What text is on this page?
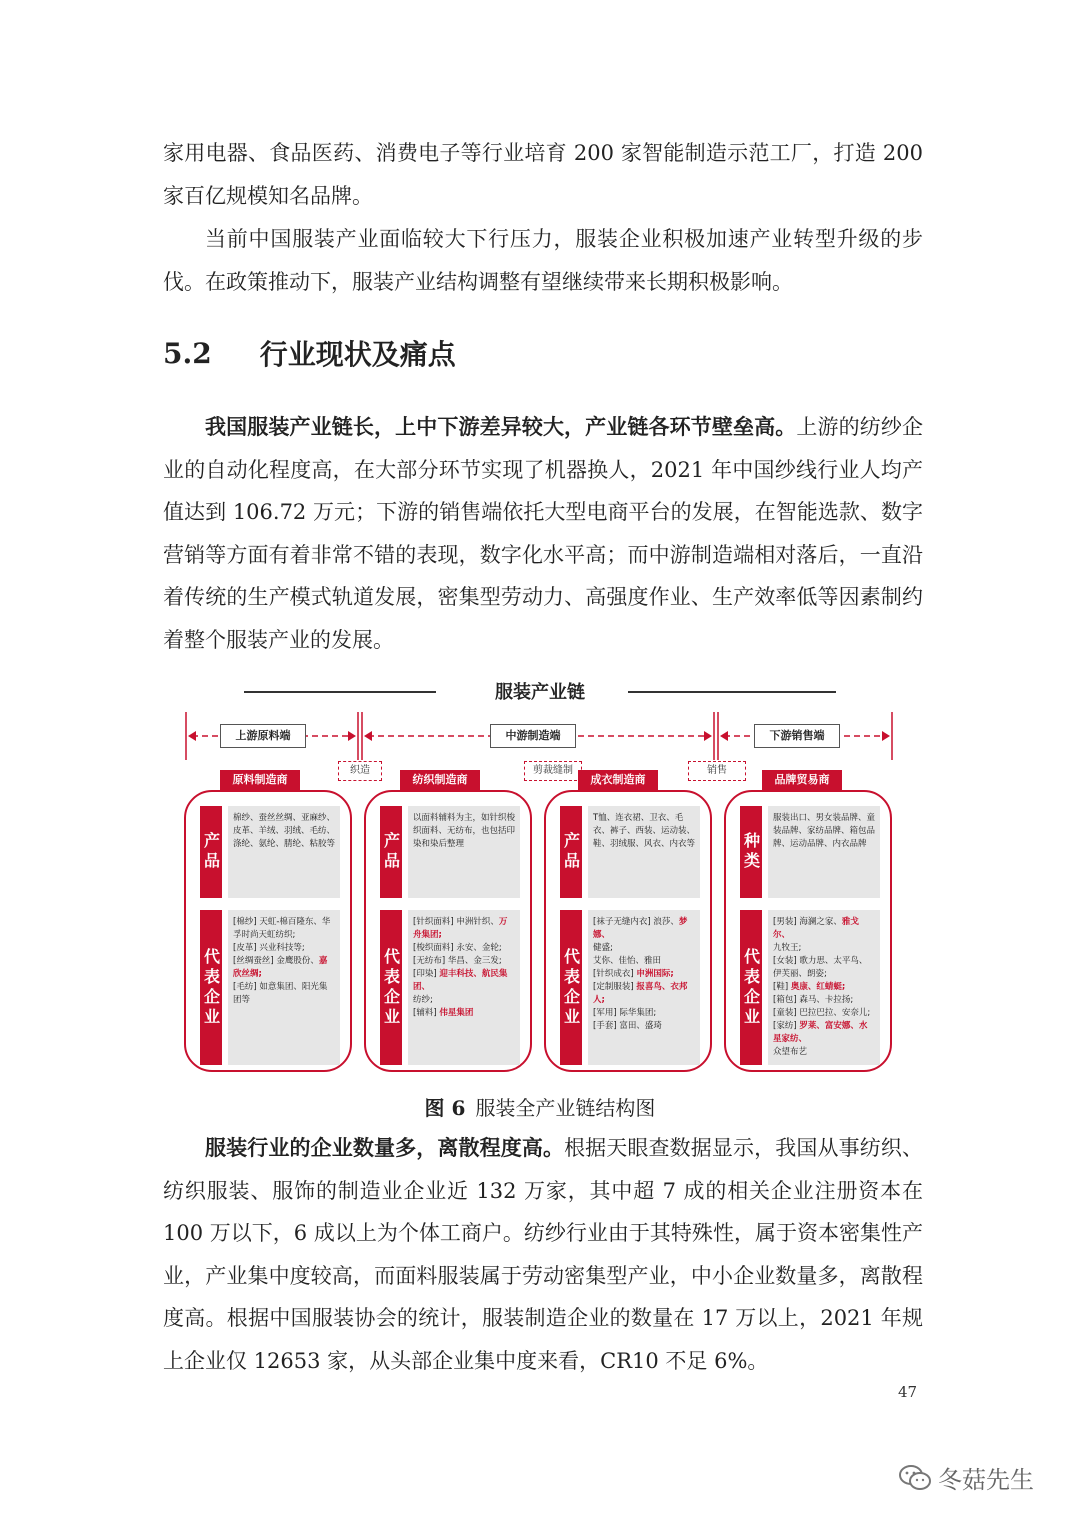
家用电器、食品医药、消费电子等行业培育 200 家智能制造示范工厂，打造 200 家百亿规模知名品牌。

当前中国服装产业面临较大下行压力，服装企业积极加速产业转型升级的步伐。在政策推动下，服装产业结构调整有望继续带来长期积极影响。

5.2 行业现状及痛点

我国服装产业链长，上中下游差异较大，产业链各环节壁垒高。上游的纺纱企业的自动化程度高，在大部分环节实现了机器换人，2021 年中国纱线行业人均产值达到 106.72 万元；下游的销售端依托大型电商平台的发展，在智能选款、数字营销等方面有着非常不错的表现，数字化水平高；而中游制造端相对落后，一直沿着传统的生产模式轨道发展，密集型劳动力、高强度作业、生产效率低等因素制约着整个服装产业的发展。

服装产业链
上游原料端	中游制造端	下游销售端
织造	剪裁缝制	销售
原料制造商	纺织制造商	成衣制造商	品牌贸易商
产品
棉纱、蚕丝丝绸、亚麻纱、皮革、羊绒、羽绒、毛纺、涤纶、氨纶、腈纶、粘胶等
代表企业
[棉纱] 天虹-棉百隆东、华孚时尚天虹纺织;
[皮革] 兴业科技等;
[丝绸蚕丝] 金鹰股份、嘉欣丝绸;
[毛纺] 如意集团、阳光集团等
产品
以面料辅料为主，如针织梭织面料、无纺布，也包括印染和染后整理
代表企业
[针织面料] 申洲针织、万舟集团;
[梭织面料] 永安、金轮;
[无纺布] 华昌、金三发;
[印染] 迎丰科技、航民集团、
纺纱;
[辅料] 伟星集团
产品
T恤、连衣裙、卫衣、毛衣、裤子、西装、运动装、鞋、羽绒服、风衣、内衣等
代表企业
[袜子无缝内衣] 浪莎、梦娜、
健盛;
艾你、佳怡、雅田
[针织成衣] 申洲国际;
[定制服装] 报喜鸟、衣邦人;
[军用] 际华集团;
[手套] 富田、盛琦
种类
服装出口、男女装品牌、童装品牌、家纺品牌、箱包品牌、运动品牌、内衣品牌
代表企业
[男装] 海澜之家、雅戈尔、
九牧王;
[女装] 歌力思、太平鸟、伊芙丽、朗姿;
[鞋] 奥康、红蜻蜓;
[箱包] 森马、卡拉扬;
[童装] 巴拉巴拉、安奈儿;
[家纺] 罗莱、富安娜、水星家纺、
众望布艺
图 6 服装全产业链结构图

服装行业的企业数量多，离散程度高。根据天眼查数据显示，我国从事纺织、纺织服装、服饰的制造业企业近 132 万家，其中超 7 成的相关企业注册资本在 100 万以下，6 成以上为个体工商户。纺纱行业由于其特殊性，属于资本密集性产业，产业集中度较高，而面料服装属于劳动密集型产业，中小企业数量多，离散程度高。根据中国服装协会的统计，服装制造企业的数量在 17 万以上，2021 年规上企业仅 12653 家，从头部企业集中度来看，CR10 不足 6%。

47
冬菇先生
